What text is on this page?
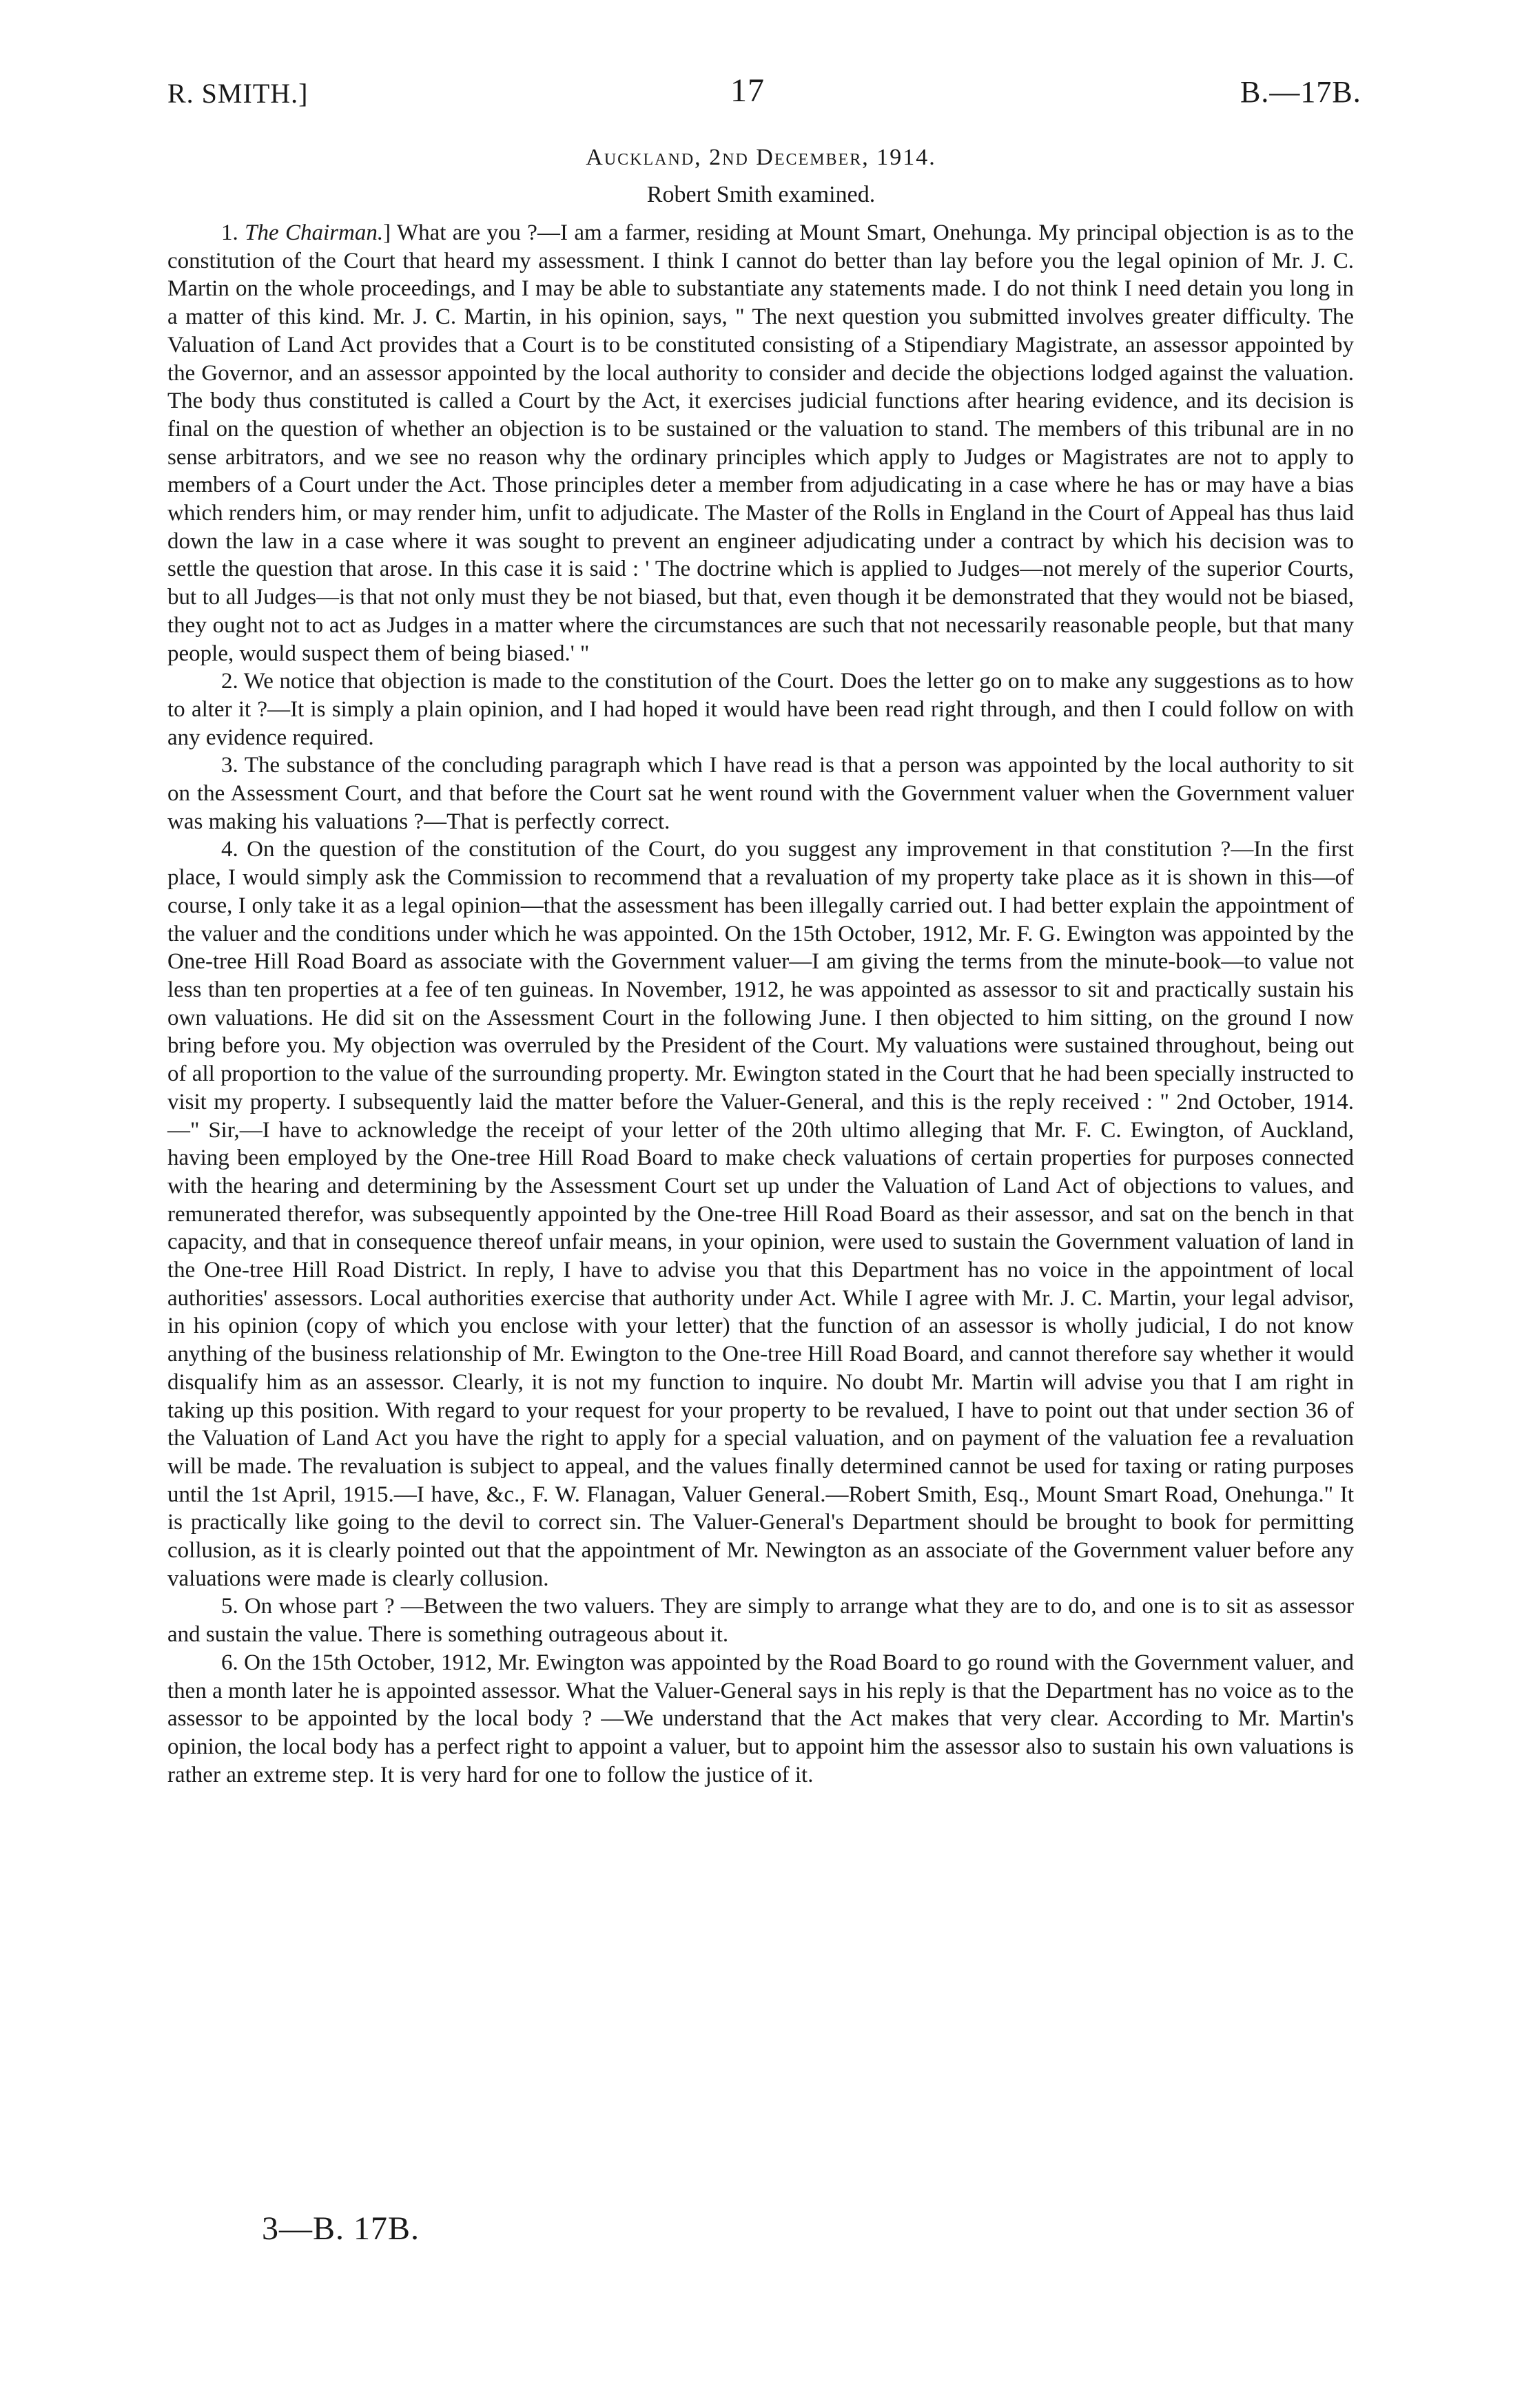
R. SMITH.]	17	B.—17B.
Auckland, 2nd December, 1914.
Robert Smith examined.

1. The Chairman.] What are you ?—I am a farmer, residing at Mount Smart, Onehunga. My principal objection is as to the constitution of the Court that heard my assessment. I think I cannot do better than lay before you the legal opinion of Mr. J. C. Martin on the whole proceedings, and I may be able to substantiate any statements made. I do not think I need detain you long in a matter of this kind. Mr. J. C. Martin, in his opinion, says, " The next question you submitted involves greater difficulty. The Valuation of Land Act provides that a Court is to be constituted consisting of a Stipendiary Magistrate, an assessor appointed by the Governor, and an assessor appointed by the local authority to consider and decide the objections lodged against the valuation. The body thus constituted is called a Court by the Act, it exercises judicial functions after hearing evidence, and its decision is final on the question of whether an objection is to be sustained or the valuation to stand. The members of this tribunal are in no sense arbitrators, and we see no reason why the ordinary principles which apply to Judges or Magistrates are not to apply to members of a Court under the Act. Those principles deter a member from adjudicating in a case where he has or may have a bias which renders him, or may render him, unfit to adjudicate. The Master of the Rolls in England in the Court of Appeal has thus laid down the law in a case where it was sought to prevent an engineer adjudicating under a contract by which his decision was to settle the question that arose. In this case it is said : ' The doctrine which is applied to Judges—not merely of the superior Courts, but to all Judges—is that not only must they be not biased, but that, even though it be demonstrated that they would not be biased, they ought not to act as Judges in a matter where the circumstances are such that not necessarily reasonable people, but that many people, would suspect them of being biased.' "

2. We notice that objection is made to the constitution of the Court. Does the letter go on to make any suggestions as to how to alter it ?—It is simply a plain opinion, and I had hoped it would have been read right through, and then I could follow on with any evidence required.

3. The substance of the concluding paragraph which I have read is that a person was appointed by the local authority to sit on the Assessment Court, and that before the Court sat he went round with the Government valuer when the Government valuer was making his valuations ?—That is perfectly correct.

4. On the question of the constitution of the Court, do you suggest any improvement in that constitution ?—In the first place, I would simply ask the Commission to recommend that a revaluation of my property take place as it is shown in this—of course, I only take it as a legal opinion—that the assessment has been illegally carried out. I had better explain the appointment of the valuer and the conditions under which he was appointed. On the 15th October, 1912, Mr. F. G. Ewington was appointed by the One-tree Hill Road Board as associate with the Government valuer—I am giving the terms from the minute-book—to value not less than ten properties at a fee of ten guineas. In November, 1912, he was appointed as assessor to sit and practically sustain his own valuations. He did sit on the Assessment Court in the following June. I then objected to him sitting, on the ground I now bring before you. My objection was overruled by the President of the Court. My valuations were sustained throughout, being out of all proportion to the value of the surrounding property. Mr. Ewington stated in the Court that he had been specially instructed to visit my property. I subsequently laid the matter before the Valuer-General, and this is the reply received : " 2nd October, 1914.—" Sir,—I have to acknowledge the receipt of your letter of the 20th ultimo alleging that Mr. F. C. Ewington, of Auckland, having been employed by the One-tree Hill Road Board to make check valuations of certain properties for purposes connected with the hearing and determining by the Assessment Court set up under the Valuation of Land Act of objections to values, and remunerated therefor, was subsequently appointed by the One-tree Hill Road Board as their assessor, and sat on the bench in that capacity, and that in consequence thereof unfair means, in your opinion, were used to sustain the Government valuation of land in the One-tree Hill Road District. In reply, I have to advise you that this Department has no voice in the appointment of local authorities' assessors. Local authorities exercise that authority under Act. While I agree with Mr. J. C. Martin, your legal advisor, in his opinion (copy of which you enclose with your letter) that the function of an assessor is wholly judicial, I do not know anything of the business relationship of Mr. Ewington to the One-tree Hill Road Board, and cannot therefore say whether it would disqualify him as an assessor. Clearly, it is not my function to inquire. No doubt Mr. Martin will advise you that I am right in taking up this position. With regard to your request for your property to be revalued, I have to point out that under section 36 of the Valuation of Land Act you have the right to apply for a special valuation, and on payment of the valuation fee a revaluation will be made. The revaluation is subject to appeal, and the values finally determined cannot be used for taxing or rating purposes until the 1st April, 1915.—I have, &c., F. W. Flanagan, Valuer General.—Robert Smith, Esq., Mount Smart Road, Onehunga." It is practically like going to the devil to correct sin. The Valuer-General's Department should be brought to book for permitting collusion, as it is clearly pointed out that the appointment of Mr. Newington as an associate of the Government valuer before any valuations were made is clearly collusion.

5. On whose part ? —Between the two valuers. They are simply to arrange what they are to do, and one is to sit as assessor and sustain the value. There is something outrageous about it.

6. On the 15th October, 1912, Mr. Ewington was appointed by the Road Board to go round with the Government valuer, and then a month later he is appointed assessor. What the Valuer-General says in his reply is that the Department has no voice as to the assessor to be appointed by the local body ? —We understand that the Act makes that very clear. According to Mr. Martin's opinion, the local body has a perfect right to appoint a valuer, but to appoint him the assessor also to sustain his own valuations is rather an extreme step. It is very hard for one to follow the justice of it.

3—B. 17B.
